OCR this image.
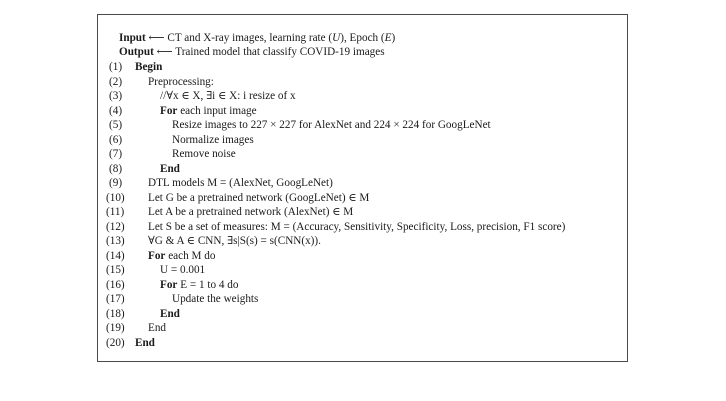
Input ⟵ CT and X-ray images, learning rate (U), Epoch (E)
Output ⟵ Trained model that classify COVID-19 images
(1)
(2)
(3)
(4)
(5)
(6)
(7)
(8)
(9)
(10)
(11)
(12)
(13)
(14)
(15)
(16)
(17)
(18)
(19)
(20)
Begin
Preprocessing:
//∀x ∈ X, ∃i ∈ X: i resize of x
For each input image
Resize images to 227 × 227 for AlexNet and 224 × 224 for GoogLeNet
Normalize images
Remove noise
End
DTL models M = (AlexNet, GoogLeNet)
Let G be a pretrained network (GoogLeNet) ∈ M
Let A be a pretrained network (AlexNet) ∈ M
Let S be a set of measures: M = (Accuracy, Sensitivity, Specificity, Loss, precision, F1 score)
∀G & A ∈ CNN, ∃s|S(s) = s(CNN(x)).
For each M do
U = 0.001
For E = 1 to 4 do
Update the weights
End
End
End
